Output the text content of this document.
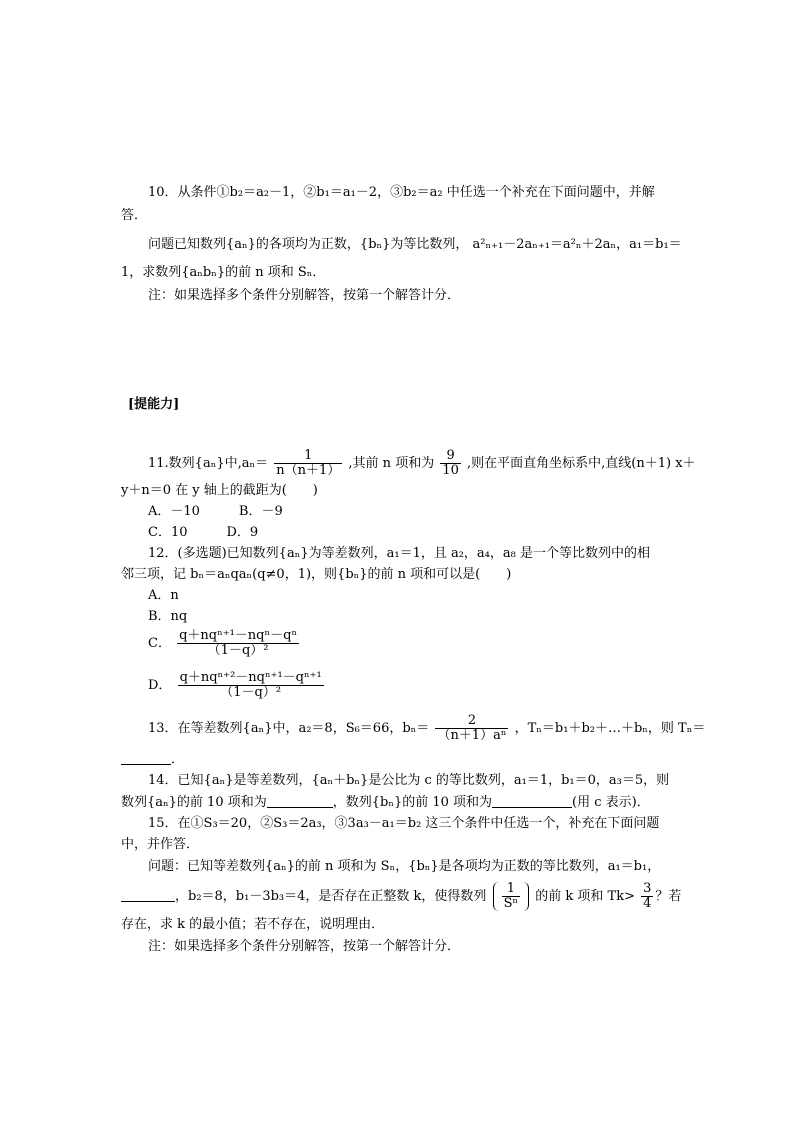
10．从条件①b₂＝a₂－1，②b₁＝a₁－2，③b₂＝a₂ 中任选一个补充在下面问题中，并解
答．
问题已知数列{aₙ}的各项均为正数，{bₙ}为等比数列， a²ₙ₊₁－2aₙ₊₁＝a²ₙ＋2aₙ，a₁＝b₁＝
1，求数列{aₙbₙ}的前 n 项和 Sₙ．
注：如果选择多个条件分别解答，按第一个解答计分．
[提能力]
11.数列{aₙ}中$,a_n= \frac{1}{n(n+1)}$ ,其前 n 项和为 $\frac{9}{10}$ ,则在平面直角坐标系中,直线(n＋1) x＋
y＋n＝0 在 y 轴上的截距为(　　)
A．－10　　　B．－9
C．10　　　D．9
12．(多选题)已知数列{aₙ}为等差数列，a₁＝1，且 a₂，a₄，a₈ 是一个等比数列中的相
邻三项，记 bₙ＝aₙqaₙ(q≠0，1)，则{bₙ}的前 n 项和可以是(　　)
A．n
B．nq
C． $\frac{\text{q＋nqⁿ⁺¹－nqⁿ－qⁿ}}{\text{（1－q）²}}$
D． $\frac{\text{q＋nqⁿ⁺²－nqⁿ⁺¹－qⁿ⁺¹}}{\text{（1－q）²}}$
13．在等差数列{aₙ}中，a₂＝8，S₆＝66，$b_n= \frac{2}{\text{（n＋1）aⁿ}}$ ，Tₙ＝b₁＋b₂＋…＋bₙ，则 Tₙ＝
．
14．已知{aₙ}是等差数列，{aₙ＋bₙ}是公比为 c 的等比数列，a₁＝1，b₁＝0，a₃＝5，则
数列{aₙ}的前 10 项和为	，数列{bₙ}的前 10 项和为	(用 c 表示)．
15．在①S₃＝20，②S₃＝2a₃，③3a₃－a₁＝b₂ 这三个条件中任选一个，补充在下面问题
中，并作答．
问题：已知等差数列{aₙ}的前 n 项和为 Sₙ，{bₙ}是各项均为正数的等比数列，a₁＝b₁，
，b₂＝8，b₁－3b₃＝4，是否存在正整数 k，使得数列 $\frac{1}{\text{Sⁿ}}$ 的前 k 项和 $Tk> \frac{3}{4}$ ？若
存在，求 k 的最小值；若不存在，说明理由．
注：如果选择多个条件分别解答，按第一个解答计分．
